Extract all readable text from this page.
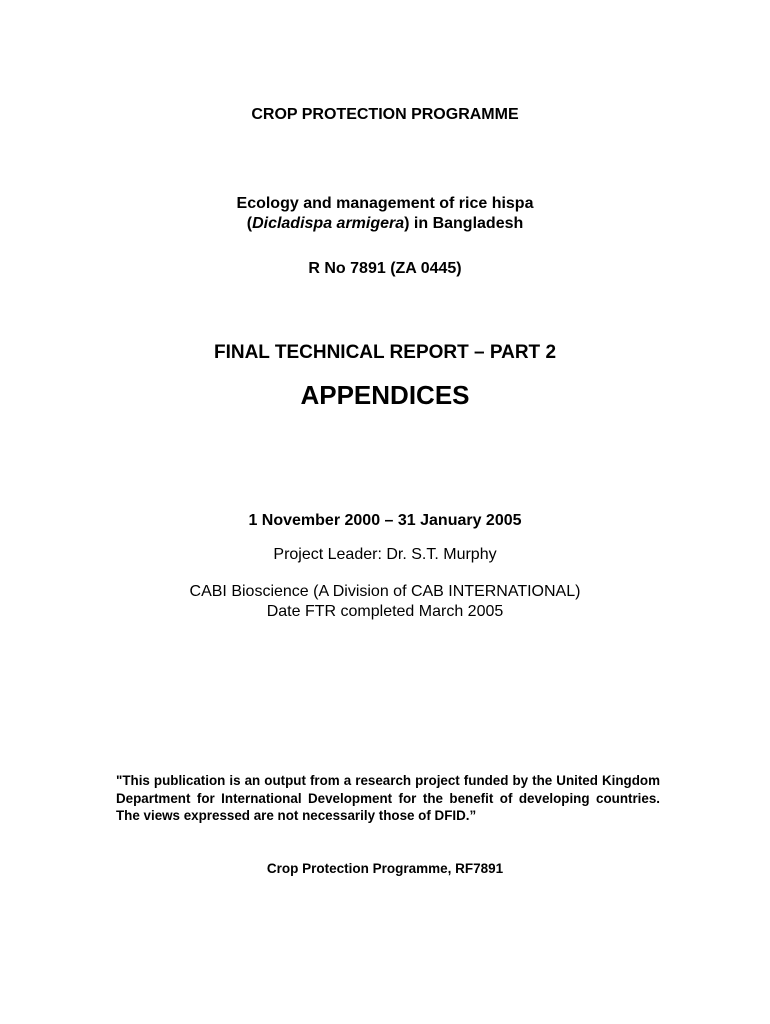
CROP PROTECTION PROGRAMME
Ecology and management of rice hispa
(Dicladispa armigera) in Bangladesh
R No 7891 (ZA 0445)
FINAL TECHNICAL REPORT – PART 2
APPENDICES
1 November 2000 – 31 January 2005
Project Leader: Dr. S.T. Murphy
CABI Bioscience (A Division of CAB INTERNATIONAL)
Date FTR completed March 2005
"This publication is an output from a research project funded by the United Kingdom Department for International Development for the benefit of developing countries. The views expressed are not necessarily those of DFID.”
Crop Protection Programme, RF7891
